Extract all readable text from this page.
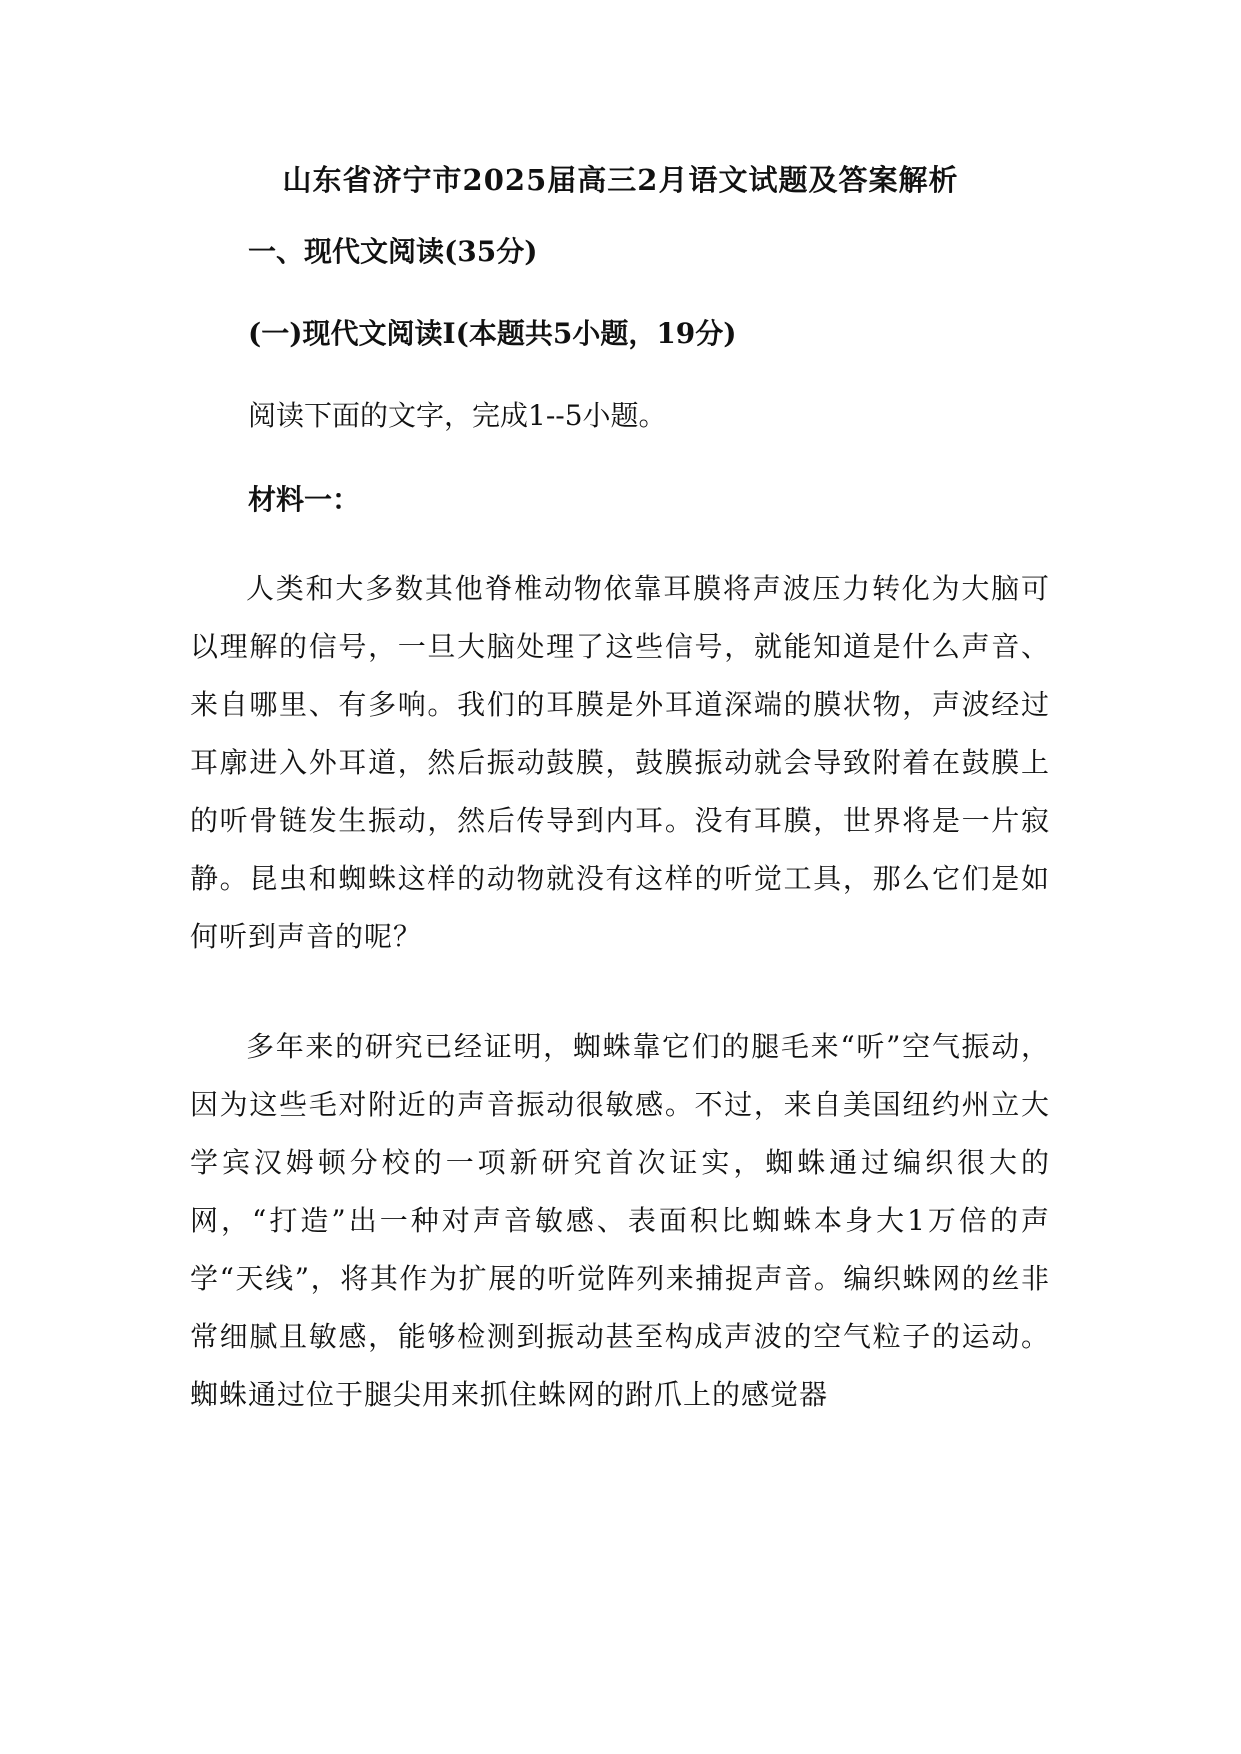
山东省济宁市2025届高三2月语文试题及答案解析

一、现代文阅读(35分)

(一)现代文阅读Ⅰ(本题共5小题，19分)

阅读下面的文字，完成1--5小题。

材料一：

人类和大多数其他脊椎动物依靠耳膜将声波压力转化为大脑可以理解的信号，一旦大脑处理了这些信号，就能知道是什么声音、来自哪里、有多响。我们的耳膜是外耳道深端的膜状物，声波经过耳廓进入外耳道，然后振动鼓膜，鼓膜振动就会导致附着在鼓膜上的听骨链发生振动，然后传导到内耳。没有耳膜，世界将是一片寂静。昆虫和蜘蛛这样的动物就没有这样的听觉工具，那么它们是如何听到声音的呢？

多年来的研究已经证明，蜘蛛靠它们的腿毛来“听”空气振动，因为这些毛对附近的声音振动很敏感。不过，来自美国纽约州立大学宾汉姆顿分校的一项新研究首次证实，蜘蛛通过编织很大的网，“打造”出一种对声音敏感、表面积比蜘蛛本身大1万倍的声学“天线”，将其作为扩展的听觉阵列来捕捉声音。编织蛛网的丝非常细腻且敏感，能够检测到振动甚至构成声波的空气粒子的运动。蜘蛛通过位于腿尖用来抓住蛛网的跗爪上的感觉器
